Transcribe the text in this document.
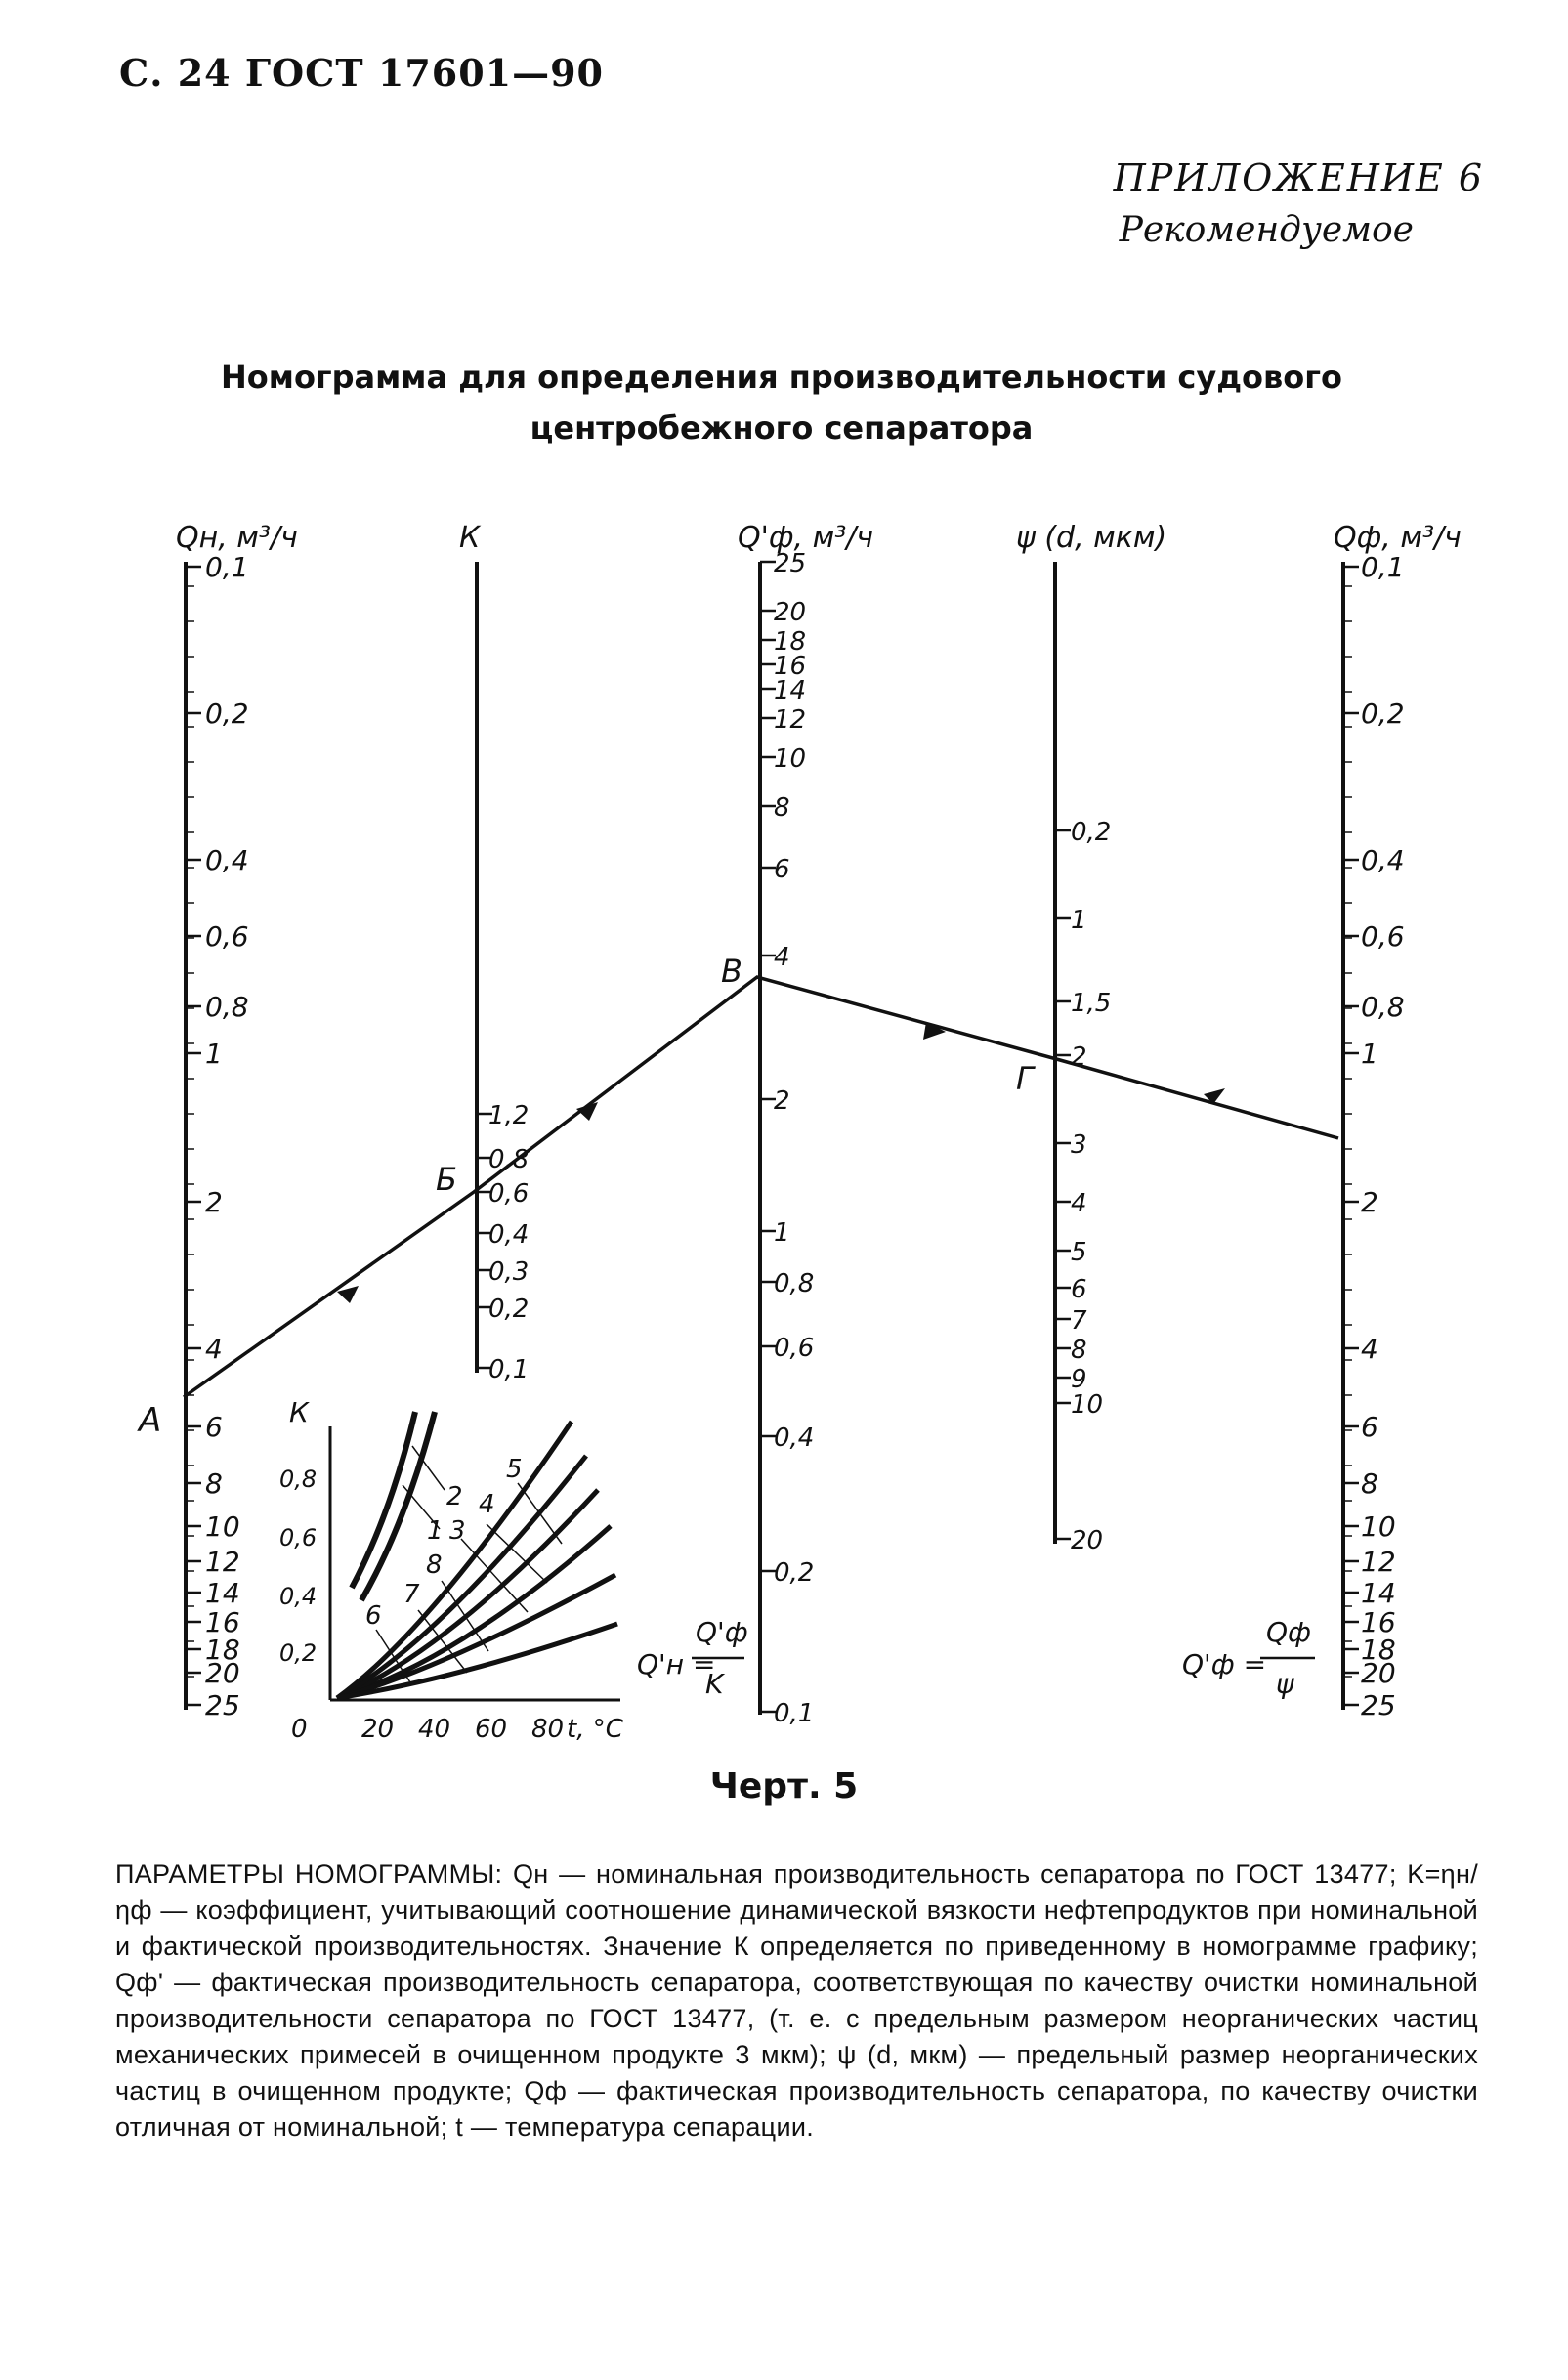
С. 24 ГОСТ 17601—90
ПРИЛОЖЕНИЕ 6
Рекомендуемое
Номограмма для определения производительности судового
центробежного сепаратора
Qн, м³/ч
0,1
0,2
0,4
0,6
0,8
1
2
4
6
8
10
12
14
16
18
20
25
К
1,2
0,8
0,6
0,4
0,3
0,2
0,1
Q'ф, м³/ч
25
20
18
16
14
12
10
8
6
4
2
1
0,8
0,6
0,4
0,2
0,1
ψ (d, мкм)
0,2
1
1,5
2
3
4
5
6
7
8
9
10
20
Qф, м³/ч
0,1
0,2
0,4
0,6
0,8
1
2
4
6
8
10
12
14
16
18
20
25
А
Б
В
Г
Q'н =
Q'ф
K
Q'ф =
Qф
ψ
К
0,8
0,6
0,4
0,2
0 20 40 60 80 t, °C
2
1 3
4
5
8
7
6
Черт. 5
ПАРАМЕТРЫ НОМОГРАММЫ: Qн — номинальная производительность сепаратора по ГОСТ 13477; K=ηн/ηф — коэффициент, учитывающий соотношение динамической вязкости нефтепродуктов при номинальной и фактической производительностях. Значение К определяется по приведенному в номограмме графику; Qф' — фактическая производительность сепаратора, соответствующая по качеству очистки номинальной производительности сепаратора по ГОСТ 13477, (т. е. с предельным размером неорганических частиц механических примесей в очищенном продукте 3 мкм); ψ (d, мкм) — предельный размер неорганических частиц в очищенном продукте; Qф — фактическая производительность сепаратора, по качеству очистки отличная от номинальной; t — температура сепарации.
